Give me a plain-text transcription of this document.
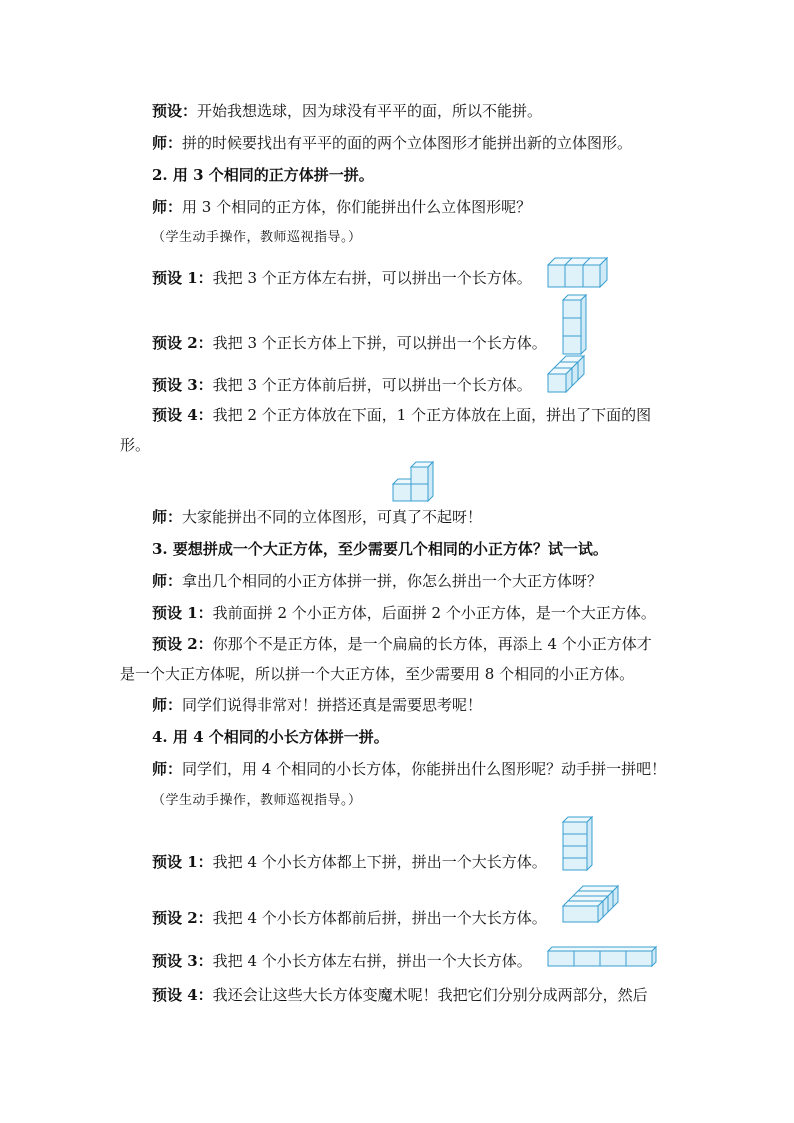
预设：开始我想选球，因为球没有平平的面，所以不能拼。
师：拼的时候要找出有平平的面的两个立体图形才能拼出新的立体图形。
2. 用 3 个相同的正方体拼一拼。
师：用 3 个相同的正方体，你们能拼出什么立体图形呢？
（学生动手操作，教师巡视指导。）
预设 1：我把 3 个正方体左右拼，可以拼出一个长方体。
预设 2：我把 3 个正长方体上下拼，可以拼出一个长方体。
预设 3：我把 3 个正方体前后拼，可以拼出一个长方体。
预设 4：我把 2 个正方体放在下面，1 个正方体放在上面，拼出了下面的图
形。
师：大家能拼出不同的立体图形，可真了不起呀！
3. 要想拼成一个大正方体，至少需要几个相同的小正方体？试一试。
师：拿出几个相同的小正方体拼一拼，你怎么拼出一个大正方体呀？
预设 1：我前面拼 2 个小正方体，后面拼 2 个小正方体，是一个大正方体。
预设 2：你那个不是正方体，是一个扁扁的长方体，再添上 4 个小正方体才
是一个大正方体呢，所以拼一个大正方体，至少需要用 8 个相同的小正方体。
师：同学们说得非常对！拼搭还真是需要思考呢！
4. 用 4 个相同的小长方体拼一拼。
师：同学们，用 4 个相同的小长方体，你能拼出什么图形呢？动手拼一拼吧！
（学生动手操作，教师巡视指导。）
预设 1：我把 4 个小长方体都上下拼，拼出一个大长方体。
预设 2：我把 4 个小长方体都前后拼，拼出一个大长方体。
预设 3：我把 4 个小长方体左右拼，拼出一个大长方体。
预设 4：我还会让这些大长方体变魔术呢！我把它们分别分成两部分，然后
